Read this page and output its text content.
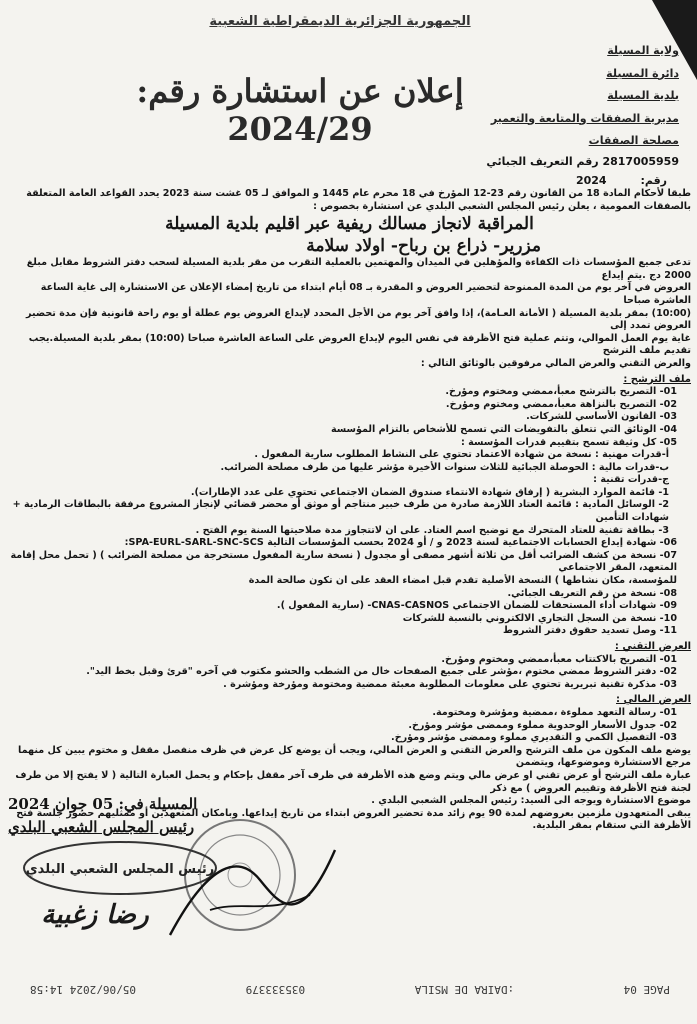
الجمهورية الجزائرية الديمقراطية الشعبية
ولاية المسيلة
دائرة المسيلة
بلدية المسيلة
مديرية الصفقات والمتابعة والتعمير
مصلحة الصفقات
إعلان عن استشارة رقم: 2024/29
2817005959 رقم التعريف الجبائي
رقم: 2024

طبقا لأحكام المادة 18 من القانون رقم 23-12 المؤرخ في 18 محرم عام 1445 و الموافق لـ 05 غشت سنة 2023 يحدد القواعد العامة المتعلقة بالصفقات العمومية ، يعلن رئيس المجلس الشعبي البلدي عن استشارة بخصوص :

المراقبة لانجاز مسالك ريفية عبر اقليم بلدية المسيلة

مزرير- ذراع بن رباح- اولاد سلامة

تدعى جميع المؤسسات ذات الكفاءة والمؤهلين في الميدان والمهتمين بالعملية التقرب من مقر بلدية المسيلة لسحب دفتر الشروط مقابل مبلغ 2000 دج .يتم إيداع

العروض في آخر يوم من المدة الممنوحة لتحضير العروض و المقدرة بـ 08 أيام ابتداء من تاريخ إمضاء الإعلان عن الاستشارة إلى غاية الساعة العاشرة صباحا

(10:00) بمقر بلدية المسيلة ( الأمانة العـامة)، إذا وافق آخر يوم من الأجل المحدد لإيداع العروض يوم عطلة أو يوم راحة قانونية فإن مدة تحضير العروض تمدد إلى

غاية يوم العمل الموالي، وتتم عملية فتح الأظرفة في نفس اليوم لإيداع العروض على الساعة العاشرة صباحا (10:00) بمقر بلدية المسيلة.يجب تقديم ملف الترشح

والعرض التقني والعرض المالي مرفوقين بالوثائق التالي :

ملف الترشح :

01- التصريح بالترشح معبأ،ممضي ومختوم ومؤرخ.

02- التصريح بالنزاهة معبأ،ممضي ومختوم ومؤرخ.

03- القانون الأساسي للشركات.

04- الوثائق التي تتعلق بالتفويضات التي تسمح للأشخاص بالتزام المؤسسة

05- كل وثيقة تسمح بتقييم قدرات المؤسسة :

أ-قدرات مهنية : نسخة من شهادة الاعتماد تحتوي على النشاط المطلوب سارية المفعول .

ب-قدرات مالية : الحوصلة الجبائية للثلاث سنوات الأخيرة مؤشر عليها من طرف مصلحة الضرائب.

ج-قدرات تقنية :

1- قائمة الموارد البشرية ( إرفاق شهادة الانتماء صندوق الضمان الاجتماعي تحتوي على عدد الإطارات).

2- الوسائل المادية : قائمة العتاد اللازمة صادرة من طرف خبير منتاجم أو موثق أو محضر قضائي لإنجاز المشروع مرفقة بالبطاقات الرمادية + شهادات التأمين

3- بطاقة تقنية للعتاد المتحرك مع توضيح اسم العتاد. على ان لاتتجاوز مدة صلاحيتها السنة يوم الفتح .

06- شهادة إيداع الحسابات الاجتماعية لسنة 2023 و / أو 2024 بحسب المؤسسات التالية SPA-EURL-SARL-SNC-SCS:

07- نسخة من كشف الضرائب أقل من ثلاثة أشهر مصفى أو مجدول ( نسخة سارية المفعول مستخرجة من مصلحة الضرائب ) ( تحمل محل إقامة المتعهد، المقر الاجتماعي

للمؤسسة، مكان نشاطها ) النسخة الأصلية تقدم قبل امضاء العقد على ان تكون صالحة المدة

08- نسخة من رقم التعريف الجبائي.

09- شهادات أداء المستحقات للضمان الاجتماعي CNAS-CASNOS- (سارية المفعول ).

10- نسخة من السجل التجاري الالكتروني بالنسبة للشركات

11- وصل تسديد حقوق دفتر الشروط

العرض التقني :

01- التصريح بالاكتتاب معبأ،ممضي ومختوم ومؤرخ.

02- دفتر الشروط ممضي مختوم ،مؤشر على جميع الصفحات خال من الشطب والحشو مكتوب في آخره "قرئ وقبل بخط اليد".

03- مذكرة تقنية تبريرية تحتوي على معلومات المطلوبة معبئة ممضية ومختومة ومؤرخة ومؤشرة .

العرض المالي :

01- رسالة التعهد مملوءة ،ممضية ومؤشرة ومختومة.

02- جدول الأسعار الوحدوية مملوء وممضى مؤشر ومؤرخ.

03- التفصيل الكمي و التقديري مملوء وممضى مؤشر ومؤرخ.

يوضع ملف المكون من ملف الترشح والعرض التقني و العرض المالي، ويجب أن يوضع كل عرض في ظرف منفصل مقفل و مختوم يبين كل منهما مرجع الاستشارة وموضوعها، ويتضمن

عبارة ملف الترشح أو عرض تقني او عرض مالي ويتم وضع هذه الأظرفة في ظرف آخر مقفل بإحكام و يحمل العبارة التالية ( لا يفتح إلا من طرف لجنة فتح الأظرفة وتقييم العروض ) مع ذكر

موضوع الاستشارة ويوجه الى السيد: رئيس المجلس الشعبي البلدي .

يبقى المتعهدون ملزمين بعروضهم لمدة 90 يوم زائد مدة تحضير العروض ابتداء من تاريخ إيداعها. وبامكان المتعهدين أو ممثليهم حضور جلسة فتح الأظرفة التي ستقام بمقر البلدية.

المسيلة في: 05 جوان 2024
رئيس المجلس الشعبي البلدي
رئيس المجلس الشعبي البلدي
رضا زغبية
PAGE 04
:DAIRA DE MSILA
035333379
05/06/2024 14:58
